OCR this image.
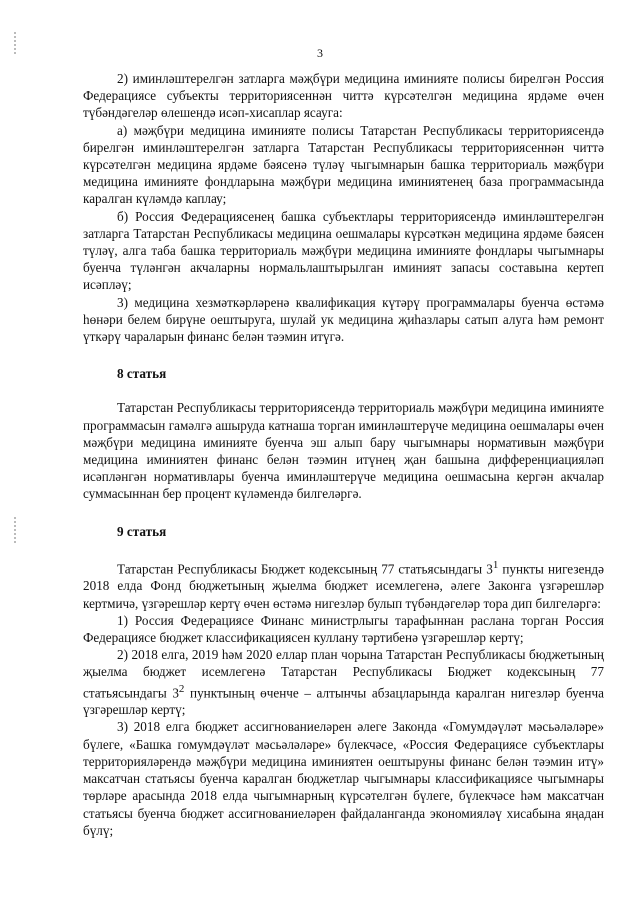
3

2) иминләштерелгән затларга мәҗбүри медицина иминияте полисы бирелгән Россия Федерациясе субъекты территориясеннән читтә күрсәтелгән медицина ярдәме өчен түбәндәгеләр өлешендә исәп-хисаплар ясауга:

а) мәҗбүри медицина иминияте полисы Татарстан Республикасы территориясендә бирелгән иминләштерелгән затларга Татарстан Республикасы территориясеннән читтә күрсәтелгән медицина ярдәме бәясенә түләү чыгымнарын башка территориаль мәҗбүри медицина иминияте фондларына мәҗбүри медицина иминиятенең база программасында каралган күләмдә каплау;

б) Россия Федерациясенең башка субъектлары территориясендә иминләштерелгән затларга Татарстан Республикасы медицина оешмалары күрсәткән медицина ярдәме бәясен түләү, алга таба башка территориаль мәҗбүри медицина иминияте фондлары чыгымнары буенча түләнгән акчаларны нормальлаштырылган иминият запасы составына кертеп исәпләү;

3) медицина хезмәткәрләренә квалификация күтәрү программалары буенча өстәмә һөнәри белем бирүне оештыруга, шулай ук медицина җиһазлары сатып алуга һәм ремонт үткәрү чараларын финанс белән тәэмин итүгә.

8 статья

Татарстан Республикасы территориясендә территориаль мәҗбүри медицина иминияте программасын гамәлгә ашыруда катнаша торган иминләштерүче медицина оешмалары өчен мәҗбүри медицина иминияте буенча эш алып бару чыгымнары нормативын мәҗбүри медицина иминиятен финанс белән тәэмин итүнең җан башына дифференциацияләп исәпләнгән нормативлары буенча иминләштерүче медицина оешмасына кергән акчалар суммасыннан бер процент күләмендә билгеләргә.

9 статья

Татарстан Республикасы Бюджет кодексының 77 статьясындагы $3^1$ пункты нигезендә 2018 елда Фонд бюджетының җыелма бюджет исемлегенә, әлеге Законга үзгәрешләр кертмичә, үзгәрешләр кертү өчен өстәмә нигезләр булып түбәндәгеләр тора дип билгеләргә:

1) Россия Федерациясе Финанс министрлыгы тарафыннан раслана торган Россия Федерациясе бюджет классификациясен куллану тәртибенә үзгәрешләр кертү;

2) 2018 елга, 2019 һәм 2020 еллар план чорына Татарстан Республикасы бюджетының җыелма бюджет исемлегенә Татарстан Республикасы Бюджет кодексының 77 статьясындагы $3^2$ пунктының өченче – алтынчы абзацларында каралган нигезләр буенча үзгәрешләр кертү;

3) 2018 елга бюджет ассигнованиеләрен әлеге Законда «Гомумдәүләт мәсьәләләре» бүлеге, «Башка гомумдәүләт мәсьәләләре» бүлекчәсе, «Россия Федерациясе субъектлары территорияләрендә мәҗбүри медицина иминиятен оештыруны финанс белән тәэмин итү» максатчан статьясы буенча каралган бюджетлар чыгымнары классификациясе чыгымнары төрләре арасында 2018 елда чыгымнарның күрсәтелгән бүлеге, бүлекчәсе һәм максатчан статьясы буенча бюджет ассигнованиеләрен файдаланганда экономияләү хисабына яңадан бүлү;
